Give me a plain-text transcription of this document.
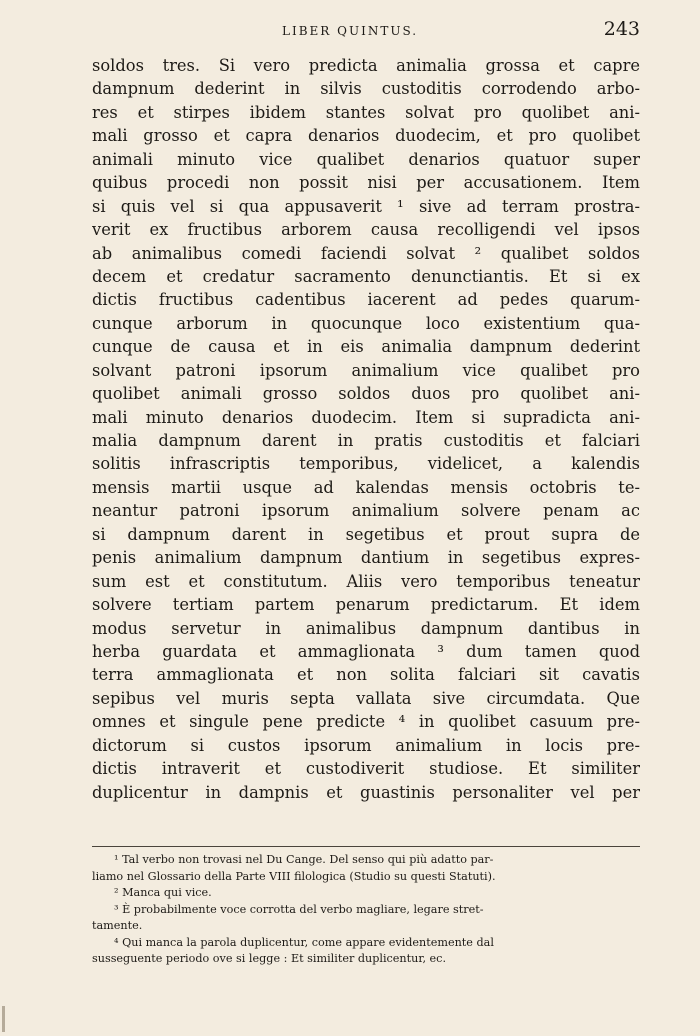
LIBER QUINTUS.	243
soldos tres. Si vero predicta animalia grossa et capre
dampnum dederint in silvis custoditis corrodendo arbo-
res et stirpes ibidem stantes solvat pro quolibet ani-
mali grosso et capra denarios duodecim, et pro quolibet
animali minuto vice qualibet denarios quatuor super
quibus procedi non possit nisi per accusationem. Item
si quis vel si qua appusaverit ¹ sive ad terram prostra-
verit ex fructibus arborem causa recolligendi vel ipsos
ab animalibus comedi faciendi solvat ² qualibet soldos
decem et credatur sacramento denunctiantis. Et si ex
dictis fructibus cadentibus iacerent ad pedes quarum-
cunque arborum in quocunque loco existentium qua-
cunque de causa et in eis animalia dampnum dederint
solvant patroni ipsorum animalium vice qualibet pro
quolibet animali grosso soldos duos pro quolibet ani-
mali minuto denarios duodecim. Item si supradicta ani-
malia dampnum darent in pratis custoditis et falciari
solitis infrascriptis temporibus, videlicet, a kalendis
mensis martii usque ad kalendas mensis octobris te-
neantur patroni ipsorum animalium solvere penam ac
si dampnum darent in segetibus et prout supra de
penis animalium dampnum dantium in segetibus expres-
sum est et constitutum. Aliis vero temporibus teneatur
solvere tertiam partem penarum predictarum. Et idem
modus servetur in animalibus dampnum dantibus in
herba guardata et ammaglionata ³ dum tamen quod
terra ammaglionata et non solita falciari sit cavatis
sepibus vel muris septa vallata sive circumdata. Que
omnes et singule pene predicte ⁴ in quolibet casuum pre-
dictorum si custos ipsorum animalium in locis pre-
dictis intraverit et custodiverit studiose. Et similiter
duplicentur in dampnis et guastinis personaliter vel per
¹ Tal verbo non trovasi nel Du Cange. Del senso qui più adatto par-
liamo nel Glossario della Parte VIII filologica (Studio su questi Statuti).
² Manca qui vice.
³ È probabilmente voce corrotta del verbo magliare, legare stret-
tamente.
⁴ Qui manca la parola duplicentur, come appare evidentemente dal
susseguente periodo ove si legge : Et similiter duplicentur, ec.
